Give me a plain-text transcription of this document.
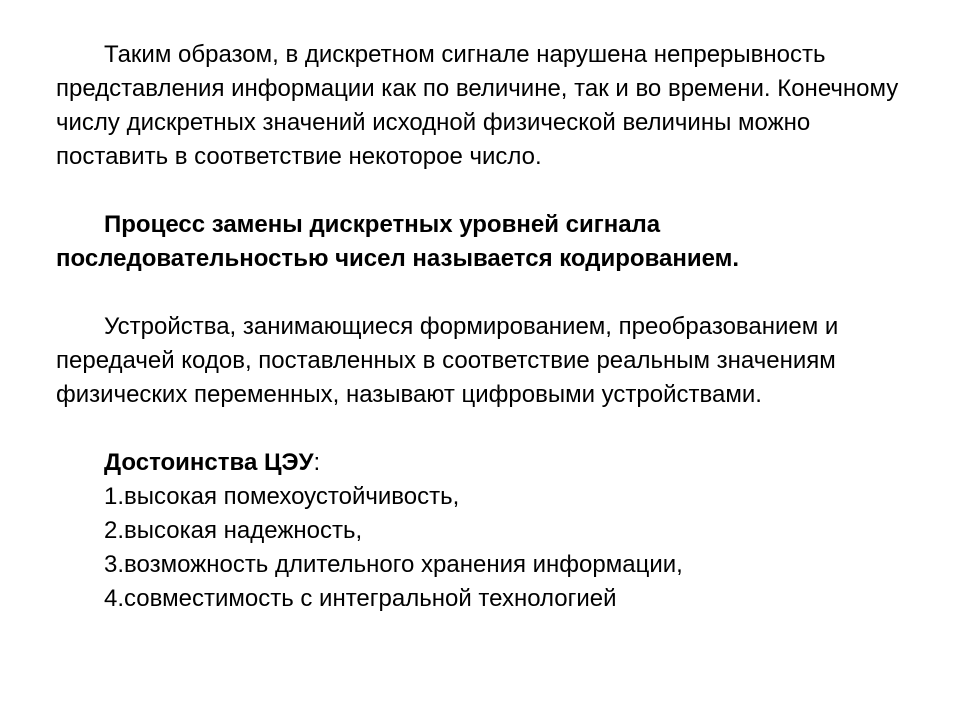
Таким образом, в дискретном сигнале нарушена непрерывность представления информации как по величине, так и во времени. Конечному числу дискретных значений исходной физической величины можно поставить в соответствие некоторое число.

Процесс замены дискретных уровней сигнала последовательностью чисел называется кодированием.

Устройства, занимающиеся формированием, преобразованием и передачей кодов, поставленных в соответствие реальным значениям физических переменных, называют цифровыми устройствами.

Достоинства ЦЭУ:

1.высокая помехоустойчивость,
2.высокая надежность,
3.возможность длительного хранения информации,
4.совместимость с интегральной технологией
